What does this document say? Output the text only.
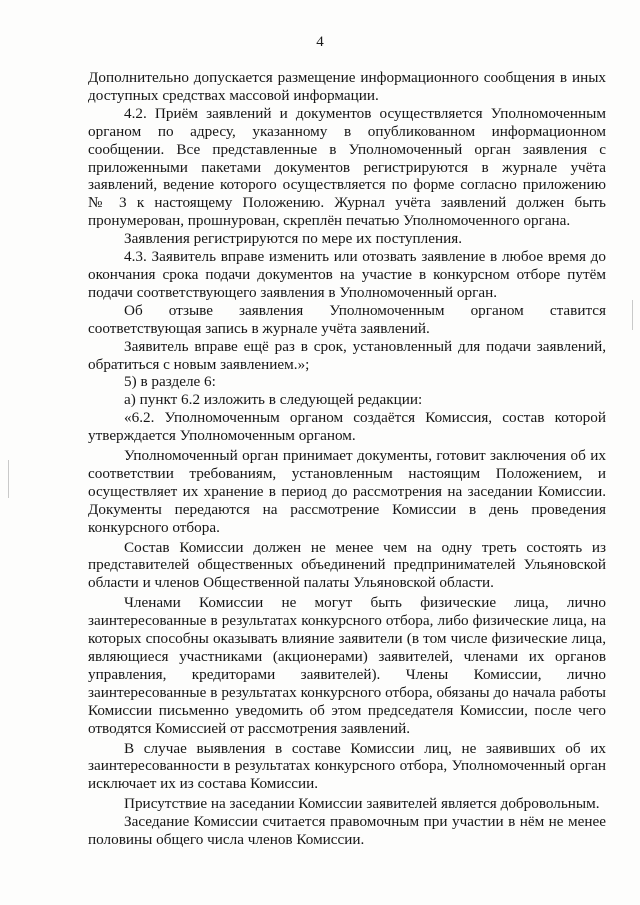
4

Дополнительно допускается размещение информационного сообщения в иных доступных средствах массовой информации.

4.2. Приём заявлений и документов осуществляется Уполномоченным органом по адресу, указанному в опубликованном информационном сообщении. Все представленные в Уполномоченный орган заявления с приложенными пакетами документов регистрируются в журнале учёта заявлений, ведение которого осуществляется по форме согласно приложению № 3 к настоящему Положению. Журнал учёта заявлений должен быть пронумерован, прошнурован, скреплён печатью Уполномоченного органа.

Заявления регистрируются по мере их поступления.

4.3. Заявитель вправе изменить или отозвать заявление в любое время до окончания срока подачи документов на участие в конкурсном отборе путём подачи соответствующего заявления в Уполномоченный орган.

Об отзыве заявления Уполномоченным органом ставится соответствующая запись в журнале учёта заявлений.

Заявитель вправе ещё раз в срок, установленный для подачи заявлений, обратиться с новым заявлением.»;

5) в разделе 6:

а) пункт 6.2 изложить в следующей редакции:

«6.2. Уполномоченным органом создаётся Комиссия, состав которой утверждается Уполномоченным органом.

Уполномоченный орган принимает документы, готовит заключения об их соответствии требованиям, установленным настоящим Положением, и осуществляет их хранение в период до рассмотрения на заседании Комиссии. Документы передаются на рассмотрение Комиссии в день проведения конкурсного отбора.

Состав Комиссии должен не менее чем на одну треть состоять из представителей общественных объединений предпринимателей Ульяновской области и членов Общественной палаты Ульяновской области.

Членами Комиссии не могут быть физические лица, лично заинтересованные в результатах конкурсного отбора, либо физические лица, на которых способны оказывать влияние заявители (в том числе физические лица, являющиеся участниками (акционерами) заявителей, членами их органов управления, кредиторами заявителей). Члены Комиссии, лично заинтересованные в результатах конкурсного отбора, обязаны до начала работы Комиссии письменно уведомить об этом председателя Комиссии, после чего отводятся Комиссией от рассмотрения заявлений.

В случае выявления в составе Комиссии лиц, не заявивших об их заинтересованности в результатах конкурсного отбора, Уполномоченный орган исключает их из состава Комиссии.

Присутствие на заседании Комиссии заявителей является добровольным.

Заседание Комиссии считается правомочным при участии в нём не менее половины общего числа членов Комиссии.
